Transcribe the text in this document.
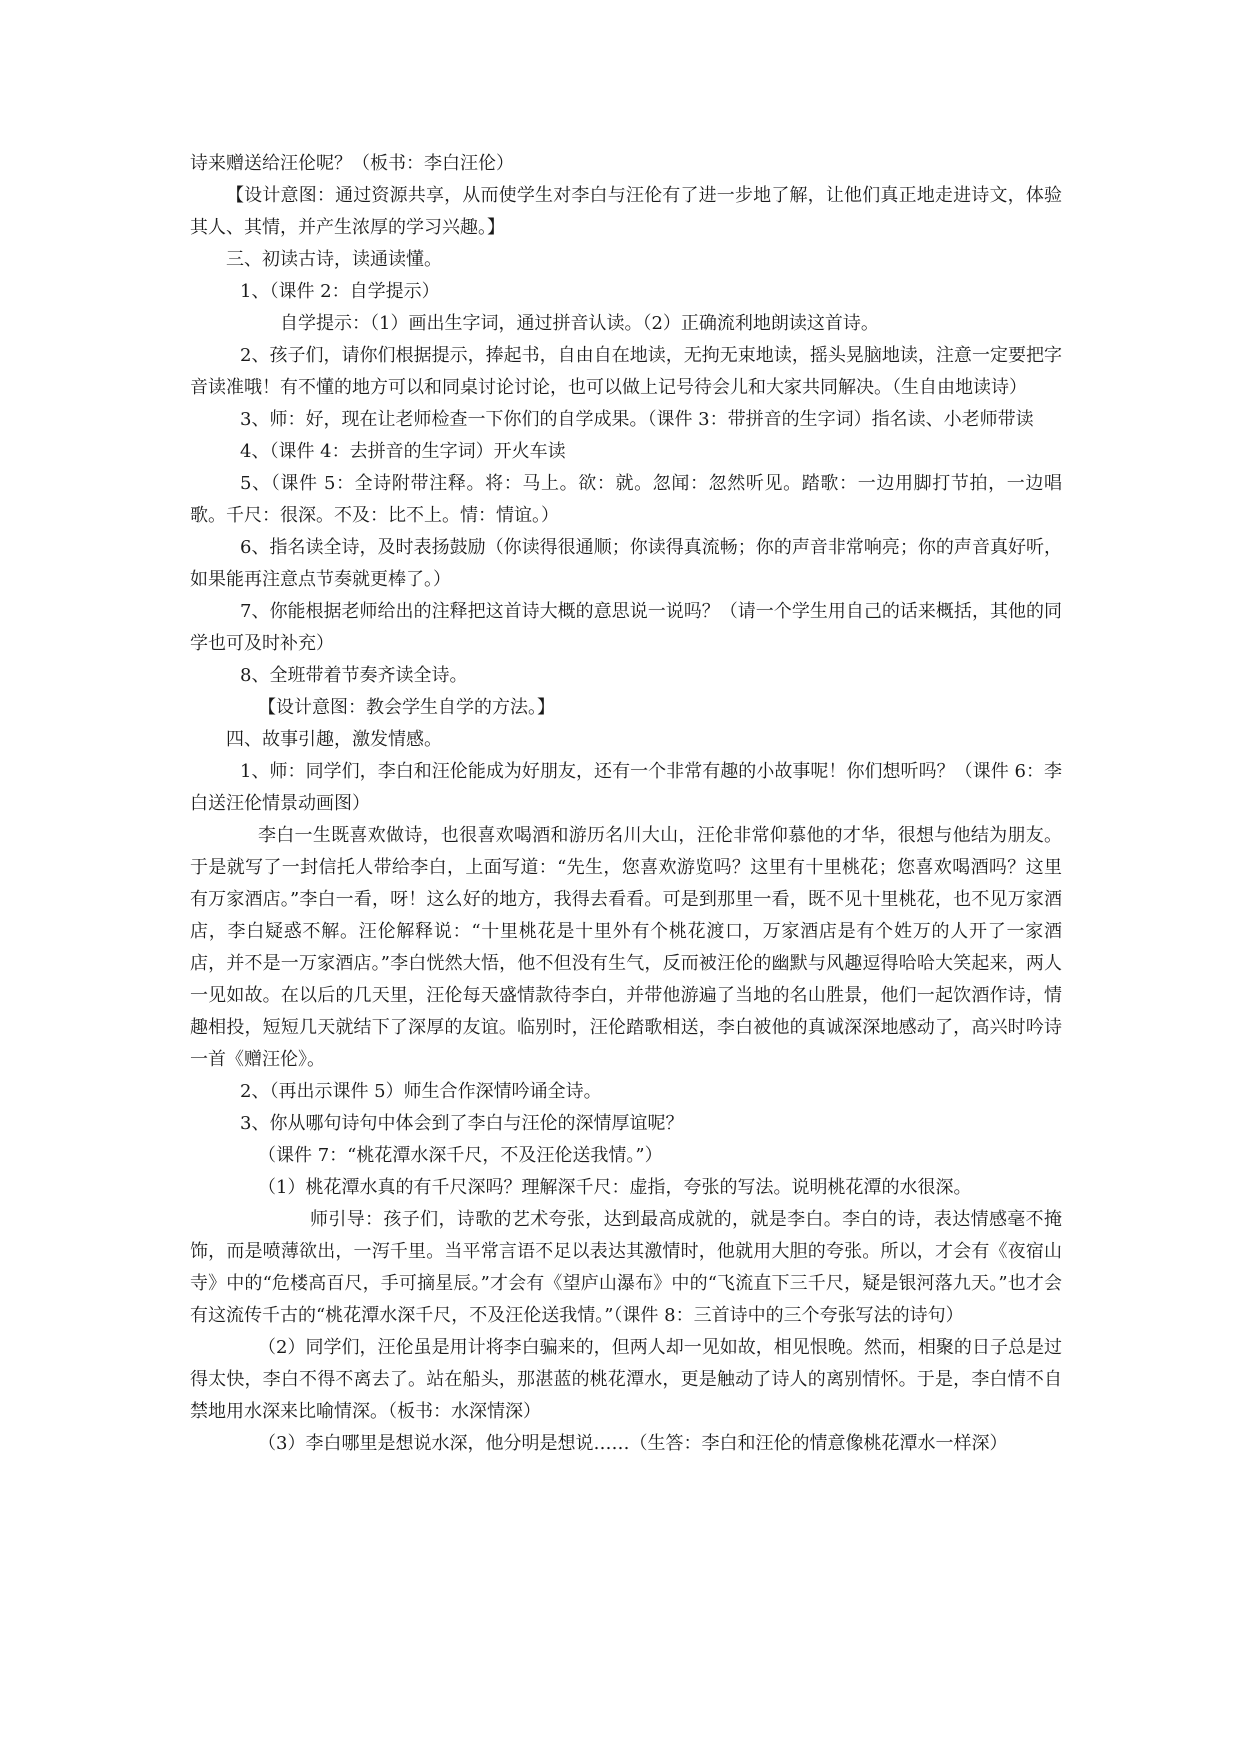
诗来赠送给汪伦呢？（板书：李白汪伦）

【设计意图：通过资源共享，从而使学生对李白与汪伦有了进一步地了解，让他们真正地走进诗文，体验其人、其情，并产生浓厚的学习兴趣。】

三、初读古诗，读通读懂。

1、（课件 2：自学提示）

自学提示：（1）画出生字词，通过拼音认读。（2）正确流利地朗读这首诗。

2、孩子们，请你们根据提示，捧起书，自由自在地读，无拘无束地读，摇头晃脑地读，注意一定要把字音读准哦！有不懂的地方可以和同桌讨论讨论，也可以做上记号待会儿和大家共同解决。（生自由地读诗）

3、师：好，现在让老师检查一下你们的自学成果。（课件 3：带拼音的生字词）指名读、小老师带读

4、（课件 4：去拼音的生字词）开火车读

5、（课件 5：全诗附带注释。将：马上。欲：就。忽闻：忽然听见。踏歌：一边用脚打节拍，一边唱歌。千尺：很深。不及：比不上。情：情谊。）

6、指名读全诗，及时表扬鼓励（你读得很通顺；你读得真流畅；你的声音非常响亮；你的声音真好听，如果能再注意点节奏就更棒了。）

7、你能根据老师给出的注释把这首诗大概的意思说一说吗？（请一个学生用自己的话来概括，其他的同学也可及时补充）

8、全班带着节奏齐读全诗。

【设计意图：教会学生自学的方法。】

四、故事引趣，激发情感。

1、师：同学们，李白和汪伦能成为好朋友，还有一个非常有趣的小故事呢！你们想听吗？（课件 6：李白送汪伦情景动画图）

李白一生既喜欢做诗，也很喜欢喝酒和游历名川大山，汪伦非常仰慕他的才华，很想与他结为朋友。于是就写了一封信托人带给李白，上面写道：“先生，您喜欢游览吗？这里有十里桃花；您喜欢喝酒吗？这里有万家酒店。”李白一看，呀！这么好的地方，我得去看看。可是到那里一看，既不见十里桃花，也不见万家酒店，李白疑惑不解。汪伦解释说：“十里桃花是十里外有个桃花渡口，万家酒店是有个姓万的人开了一家酒店，并不是一万家酒店。”李白恍然大悟，他不但没有生气，反而被汪伦的幽默与风趣逗得哈哈大笑起来，两人一见如故。在以后的几天里，汪伦每天盛情款待李白，并带他游遍了当地的名山胜景，他们一起饮酒作诗，情趣相投，短短几天就结下了深厚的友谊。临别时，汪伦踏歌相送，李白被他的真诚深深地感动了，高兴时吟诗一首《赠汪伦》。

2、（再出示课件 5）师生合作深情吟诵全诗。

3、你从哪句诗句中体会到了李白与汪伦的深情厚谊呢？

（课件 7：“桃花潭水深千尺，不及汪伦送我情。”）

（1）桃花潭水真的有千尺深吗？理解深千尺：虚指，夸张的写法。说明桃花潭的水很深。

师引导：孩子们，诗歌的艺术夸张，达到最高成就的，就是李白。李白的诗，表达情感毫不掩饰，而是喷薄欲出，一泻千里。当平常言语不足以表达其激情时，他就用大胆的夸张。所以，才会有《夜宿山寺》中的“危楼高百尺，手可摘星辰。”才会有《望庐山瀑布》中的“飞流直下三千尺，疑是银河落九天。”也才会有这流传千古的“桃花潭水深千尺，不及汪伦送我情。”（课件 8：三首诗中的三个夸张写法的诗句）

（2）同学们，汪伦虽是用计将李白骗来的，但两人却一见如故，相见恨晚。然而，相聚的日子总是过得太快，李白不得不离去了。站在船头，那湛蓝的桃花潭水，更是触动了诗人的离别情怀。于是，李白情不自禁地用水深来比喻情深。（板书：水深情深）

（3）李白哪里是想说水深，他分明是想说……（生答：李白和汪伦的情意像桃花潭水一样深）
